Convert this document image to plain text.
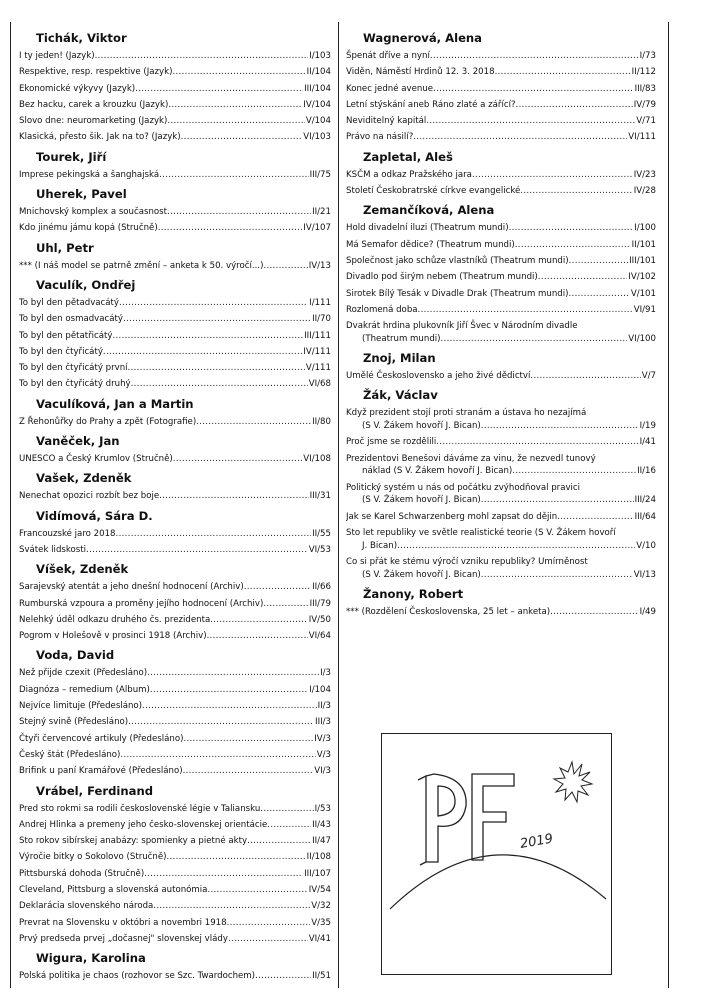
Tichák, Viktor
I ty jeden! (Jazyk) .....	I/103
Respektive, resp. respektive (Jazyk) .....	II/104
Ekonomické výkyvy (Jazyk) .....	III/104
Bez hacku, carek a krouzku (Jazyk) .....	IV/104
Slovo dne: neuromarketing (Jazyk) .....	V/104
Klasická, přesto šik. Jak na to? (Jazyk) .....	VI/103
Tourek, Jiří
Imprese pekingská a šanghajská .....	III/75
Uherek, Pavel
Mnichovský komplex a současnost .....	II/21
Kdo jinému jámu kopá (Stručně) .....	IV/107
Uhl, Petr
*** (I náš model se patrně změní – anketa k 50. výročí...) .....	IV/13
Vaculík, Ondřej
To byl den pětadvacátý .....	I/111
To byl den osmadvacátý .....	II/70
To byl den pětatřicátý .....	III/111
To byl den čtyřicátý .....	IV/111
To byl den čtyřicátý první .....	V/111
To byl den čtyřicátý druhý .....	VI/68
Vaculíková, Jan a Martin
Z Řehonůřky do Prahy a zpět (Fotografie) .....	II/80
Vaněček, Jan
UNESCO a Český Krumlov (Stručně) .....	VI/108
Vašek, Zdeněk
Nenechat opozici rozbít bez boje .....	III/31
Vidímová, Sára D.
Francouzské jaro 2018 .....	II/55
Svátek lidskosti .....	VI/53
Víšek, Zdeněk
Sarajevský atentát a jeho dnešní hodnocení (Archiv) .....	II/66
Rumburská vzpoura a proměny jejího hodnocení (Archiv) .....	III/79
Nelehký úděl odkazu druhého čs. prezidenta .....	IV/50
Pogrom v Holešově v prosinci 1918 (Archiv) .....	VI/64
Voda, David
Než přijde czexit (Předesláno) .....	I/3
Diagnóza – remedium (Album) .....	I/104
Nejvíce limituje (Předesláno) .....	II/3
Stejný svině (Předesláno) .....	III/3
Čtyři červencové artikuly (Předesláno) .....	IV/3
Český štát (Předesláno) .....	V/3
Brifink u paní Kramářové (Předesláno) .....	VI/3
Vrábel, Ferdinand
Pred sto rokmi sa rodili československé légie v Taliansku .....	I/53
Andrej Hlinka a premeny jeho česko-slovenskej orientácie .....	II/43
Sto rokov sibírskej anabázy: spomienky a pietné akty .....	II/47
Výročie bitky o Sokolovo (Stručně) .....	II/108
Pittsburská dohoda (Stručně) .....	III/107
Cleveland, Pittsburg a slovenská autonómia .....	IV/54
Deklarácia slovenského národa .....	V/32
Prevrat na Slovensku v októbri a novembri 1918 .....	V/35
Prvý predseda prvej „dočasnej" slovenskej vlády .....	VI/41
Wigura, Karolina
Polská politika je chaos (rozhovor se Szc. Twardochem) .....	II/51
Wagnerová, Alena
Špenát dříve a nyní .....	I/73
Viděn, Náměstí Hrdinů 12. 3. 2018 .....	II/112
Konec jedné avenue .....	III/83
Letní stýskání aneb Ráno zlaté a zářící? .....	IV/79
Neviditelný kapitál .....	V/71
Právo na násilí? .....	VI/111
Zapletal, Aleš
KSČM a odkaz Pražského jara .....	IV/23
Století Českobratrské církve evangelické .....	IV/28
Zemančíková, Alena
Hold divadelní iluzi (Theatrum mundi) .....	I/100
Má Semafor dědice? (Theatrum mundi) .....	II/101
Společnost jako schůze vlastníků (Theatrum mundi) .....	III/101
Divadlo pod širým nebem (Theatrum mundi) .....	IV/102
Sirotek Bílý Tesák v Divadle Drak (Theatrum mundi) .....	V/101
Rozlomená doba .....	VI/91
Dvakrát hrdina plukovník Jiří Švec v Národním divadle
(Theatrum mundi) .....	VI/100
Znoj, Milan
Umělé Československo a jeho živé dědictví .....	V/7
Žák, Václav
Když prezident stojí proti stranám a ústava ho nezajímá
(S V. Žákem hovoří J. Bican) .....	I/19
Proč jsme se rozdělili .....	I/41
Prezidentovi Benešovi dáváme za vinu, že nezvedl tunový
náklad (S V. Žákem hovoří J. Bican) .....	II/16
Politický systém u nás od počátku zvýhodňoval pravici
(S V. Žákem hovoří J. Bican) .....	III/24
Jak se Karel Schwarzenberg mohl zapsat do dějin .....	III/64
Sto let republiky ve světle realistické teorie (S V. Žákem hovoří
J. Bican) .....	V/10
Co si přát ke stému výročí vzniku republiky? Umírněnost
(S V. Žákem hovoří J. Bican) .....	VI/13
Žanony, Robert
*** (Rozdělení Československa, 25 let – anketa) .....	I/49
2019
